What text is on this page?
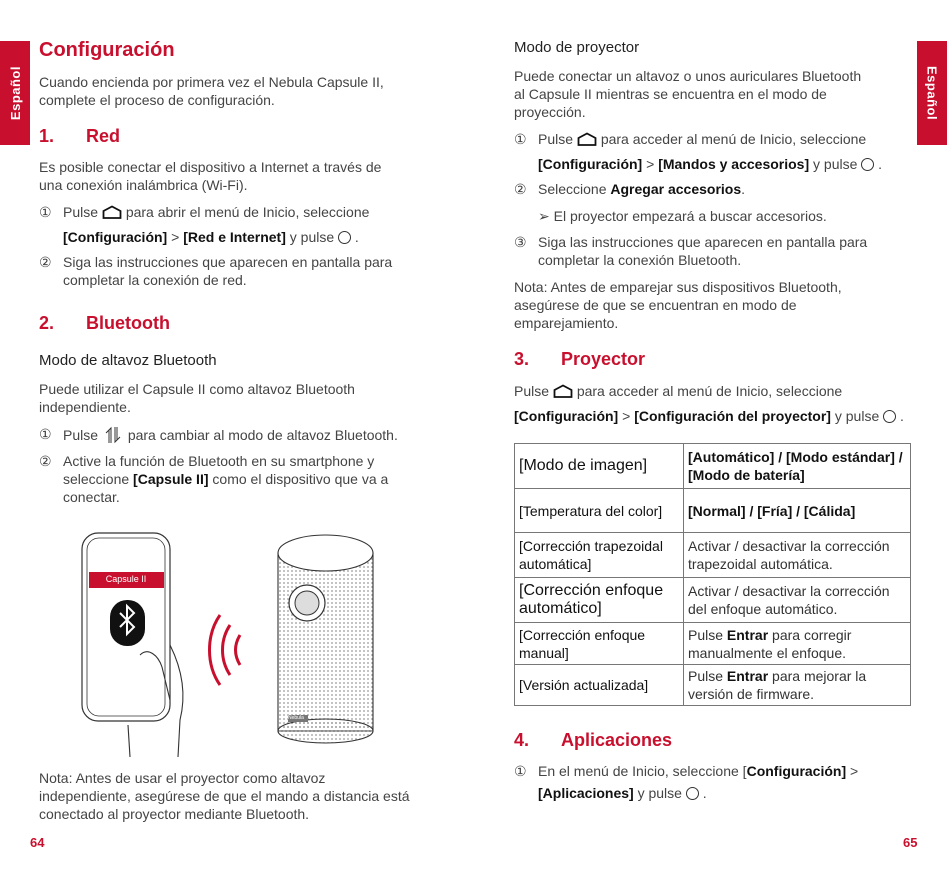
Español	Español
Configuración
Cuando encienda por primera vez el Nebula Capsule II,
complete el proceso de configuración.
1. Red
Es posible conectar el dispositivo a Internet a través de
una conexión inalámbrica (Wi-Fi).
① Pulse para abrir el menú de Inicio, seleccione
[Configuración] > [Red e Internet] y pulse  .
② Siga las instrucciones que aparecen en pantalla para
completar la conexión de red.
2. Bluetooth
Modo de altavoz Bluetooth
Puede utilizar el Capsule II como altavoz Bluetooth
independiente.
① Pulse para cambiar al modo de altavoz Bluetooth.
② Active la función de Bluetooth en su smartphone y
seleccione [Capsule II] como el dispositivo que va a
conectar.
Capsule II
Nebula
Nota: Antes de usar el proyector como altavoz
independiente, asegúrese de que el mando a distancia está
conectado al proyector mediante Bluetooth.
64
Modo de proyector
Puede conectar un altavoz o unos auriculares Bluetooth
al Capsule II mientras se encuentra en el modo de
proyección.
① Pulse para acceder al menú de Inicio, seleccione
[Configuración] > [Mandos y accesorios] y pulse  .
② Seleccione Agregar accesorios.
➢ El proyector empezará a buscar accesorios.
③ Siga las instrucciones que aparecen en pantalla para
completar la conexión Bluetooth.
Nota: Antes de emparejar sus dispositivos Bluetooth,
asegúrese de que se encuentran en modo de
emparejamiento.
3. Proyector
Pulse para acceder al menú de Inicio, seleccione
[Configuración] > [Configuración del proyector] y pulse  .
[Modo de imagen]	[Automático] / [Modo estándar] / [Modo de batería]
[Temperatura del color]	[Normal] / [Fría] / [Cálida]
[Corrección trapezoidal automática]	Activar / desactivar la corrección trapezoidal automática.
[Corrección enfoque automático]	Activar / desactivar la corrección del enfoque automático.
[Corrección enfoque manual]	Pulse Entrar para corregir manualmente el enfoque.
[Versión actualizada]	Pulse Entrar para mejorar la versión de firmware.
4. Aplicaciones
① En el menú de Inicio, seleccione [Configuración] >
[Aplicaciones] y pulse  .
65
